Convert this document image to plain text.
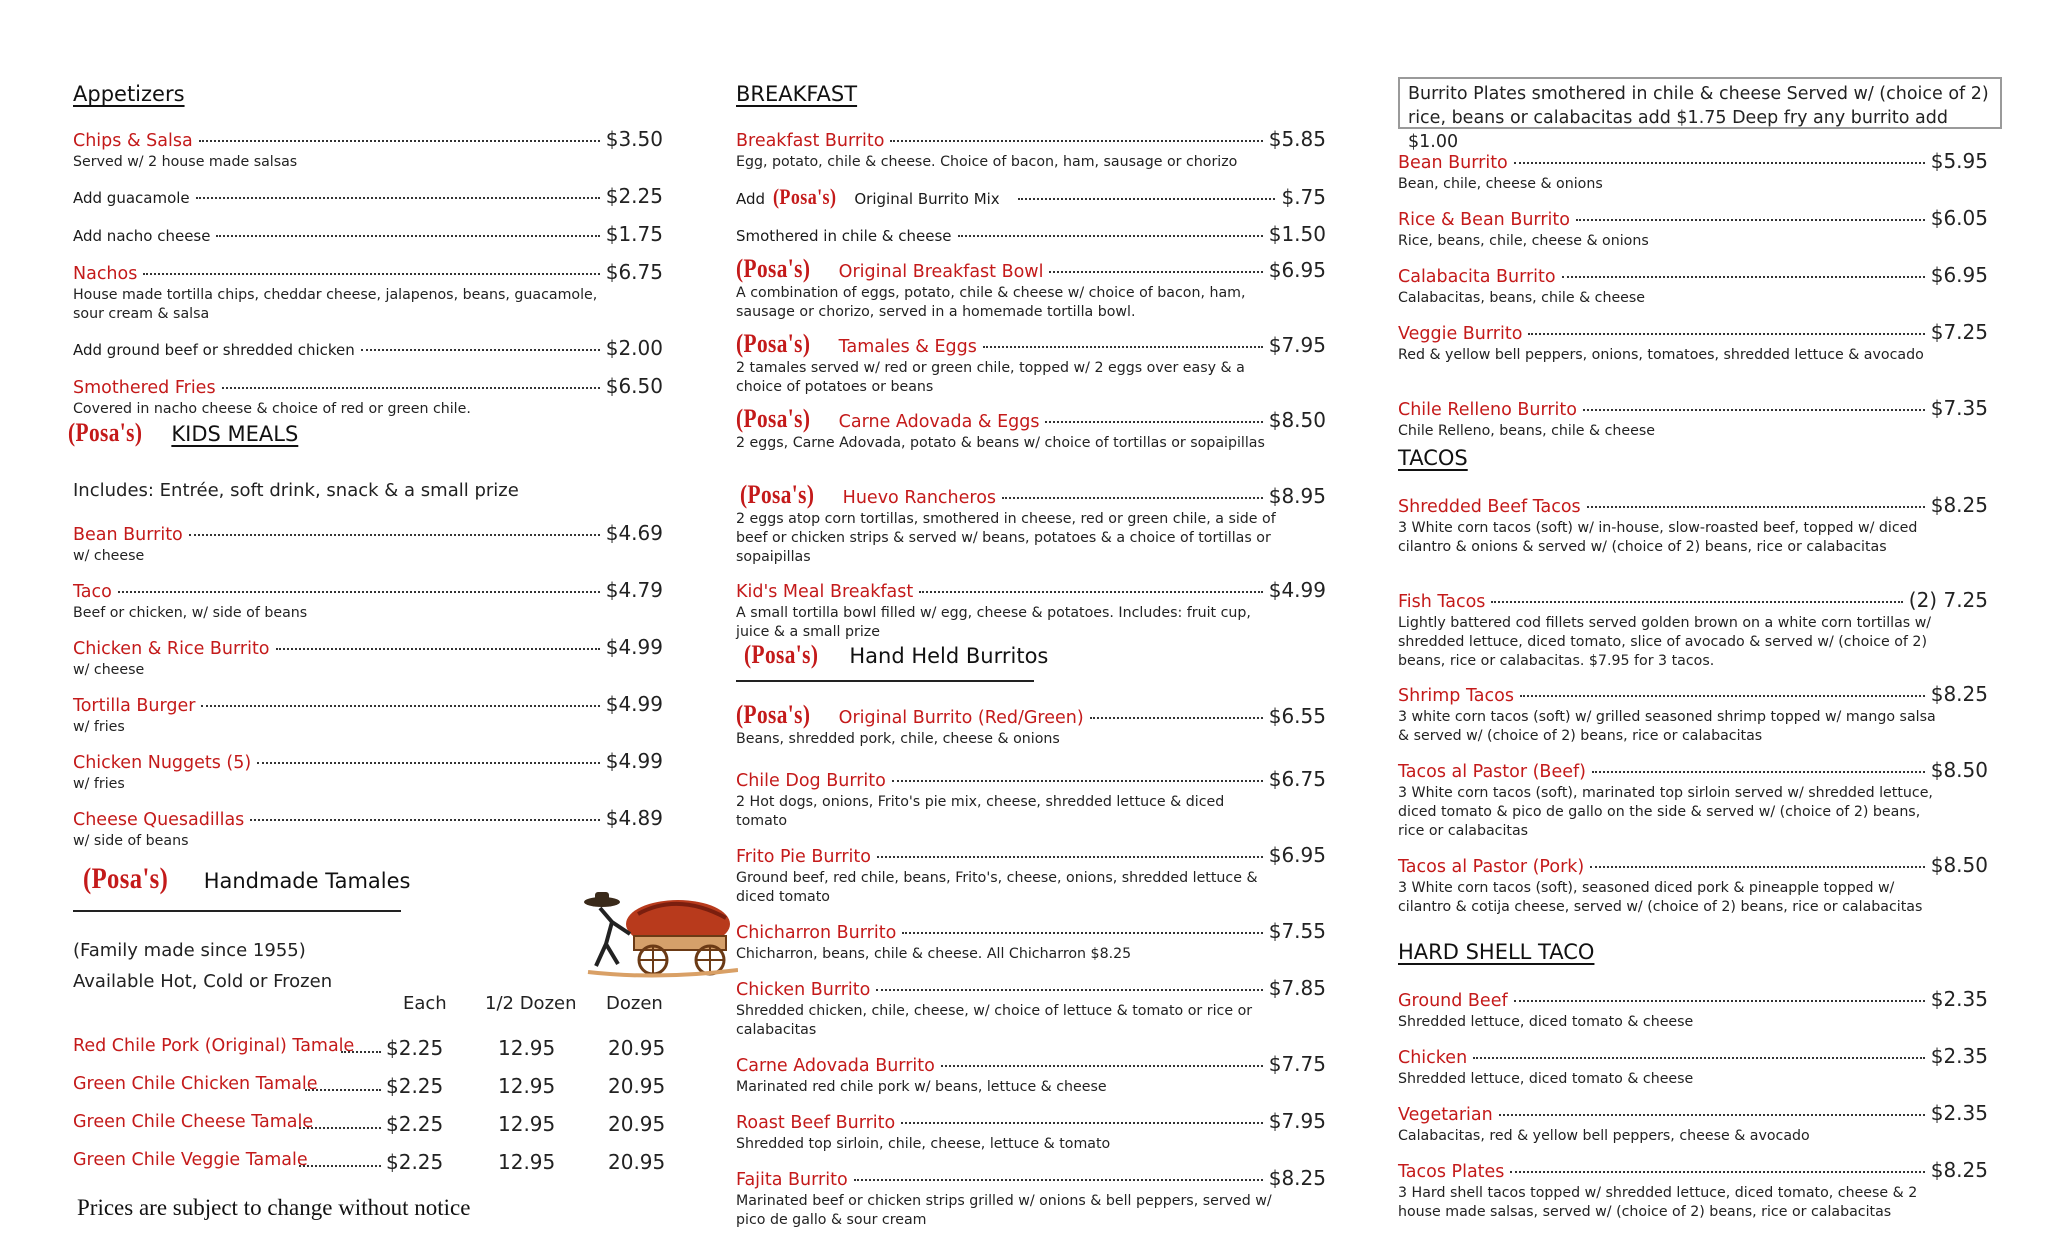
Appetizers
Chips & Salsa	$3.50
Served w/ 2 house made salsas
Add guacamole	$2.25
Add nacho cheese	$1.75
Nachos	$6.75
House made tortilla chips, cheddar cheese, jalapenos, beans, guacamole, sour cream & salsa
Add ground beef or shredded chicken	$2.00
Smothered Fries	$6.50
Covered in nacho cheese & choice of red or green chile.
(Posa's) KIDS MEALS
Includes: Entrée, soft drink, snack & a small prize
Bean Burrito	$4.69
w/ cheese
Taco	$4.79
Beef or chicken, w/ side of beans
Chicken & Rice Burrito	$4.99
w/ cheese
Tortilla Burger	$4.99
w/ fries
Chicken Nuggets (5)	$4.99
w/ fries
Cheese Quesadillas	$4.89
w/ side of beans
(Posa's) Handmade Tamales
(Family made since 1955)
Available Hot, Cold or Frozen
Each 1/2 Dozen Dozen
Red Chile Pork (Original) Tamale $2.25	12.95	20.95
Green Chile Chicken Tamale	$2.25	12.95	20.95
Green Chile Cheese Tamale	$2.25	12.95	20.95
Green Chile Veggie Tamale	$2.25	12.95	20.95
Prices are subject to change without notice
BREAKFAST
Breakfast Burrito	$5.85
Egg, potato, chile & cheese. Choice of bacon, ham, sausage or chorizo
Add (Posa's) Original Burrito Mix	$.75
Smothered in chile & cheese	$1.50
(Posa's) Original Breakfast Bowl	$6.95
A combination of eggs, potato, chile & cheese w/ choice of bacon, ham, sausage or chorizo, served in a homemade tortilla bowl.
(Posa's) Tamales & Eggs	$7.95
2 tamales served w/ red or green chile, topped w/ 2 eggs over easy & a choice of potatoes or beans
(Posa's) Carne Adovada & Eggs	$8.50
2 eggs, Carne Adovada, potato & beans w/ choice of tortillas or sopaipillas
(Posa's) Huevo Rancheros	$8.95
2 eggs atop corn tortillas, smothered in cheese, red or green chile, a side of beef or chicken strips & served w/ beans, potatoes & a choice of tortillas or sopaipillas
Kid's Meal Breakfast	$4.99
A small tortilla bowl filled w/ egg, cheese & potatoes. Includes: fruit cup, juice & a small prize
(Posa's) Hand Held Burritos
(Posa's) Original Burrito (Red/Green)	$6.55
Beans, shredded pork, chile, cheese & onions
Chile Dog Burrito	$6.75
2 Hot dogs, onions, Frito's pie mix, cheese, shredded lettuce & diced tomato
Frito Pie Burrito	$6.95
Ground beef, red chile, beans, Frito's, cheese, onions, shredded lettuce & diced tomato
Chicharron Burrito	$7.55
Chicharron, beans, chile & cheese. All Chicharron $8.25
Chicken Burrito	$7.85
Shredded chicken, chile, cheese, w/ choice of lettuce & tomato or rice or calabacitas
Carne Adovada Burrito	$7.75
Marinated red chile pork w/ beans, lettuce & cheese
Roast Beef Burrito	$7.95
Shredded top sirloin, chile, cheese, lettuce & tomato
Fajita Burrito	$8.25
Marinated beef or chicken strips grilled w/ onions & bell peppers, served w/ pico de gallo & sour cream
Burrito Plates smothered in chile & cheese Served w/ (choice of 2) rice, beans or calabacitas add $1.75 Deep fry any burrito add $1.00
Bean Burrito	$5.95
Bean, chile, cheese & onions
Rice & Bean Burrito	$6.05
Rice, beans, chile, cheese & onions
Calabacita Burrito	$6.95
Calabacitas, beans, chile & cheese
Veggie Burrito	$7.25
Red & yellow bell peppers, onions, tomatoes, shredded lettuce & avocado
Chile Relleno Burrito	$7.35
Chile Relleno, beans, chile & cheese
TACOS
Shredded Beef Tacos	$8.25
3 White corn tacos (soft) w/ in-house, slow-roasted beef, topped w/ diced cilantro & onions & served w/ (choice of 2) beans, rice or calabacitas
Fish Tacos	(2) 7.25
Lightly battered cod fillets served golden brown on a white corn tortillas w/ shredded lettuce, diced tomato, slice of avocado & served w/ (choice of 2) beans, rice or calabacitas. $7.95 for 3 tacos.
Shrimp Tacos	$8.25
3 white corn tacos (soft) w/ grilled seasoned shrimp topped w/ mango salsa & served w/ (choice of 2) beans, rice or calabacitas
Tacos al Pastor (Beef)	$8.50
3 White corn tacos (soft), marinated top sirloin served w/ shredded lettuce, diced tomato & pico de gallo on the side & served w/ (choice of 2) beans, rice or calabacitas
Tacos al Pastor (Pork)	$8.50
3 White corn tacos (soft), seasoned diced pork & pineapple topped w/ cilantro & cotija cheese, served w/ (choice of 2) beans, rice or calabacitas
HARD SHELL TACO
Ground Beef	$2.35
Shredded lettuce, diced tomato & cheese
Chicken	$2.35
Shredded lettuce, diced tomato & cheese
Vegetarian	$2.35
Calabacitas, red & yellow bell peppers, cheese & avocado
Tacos Plates	$8.25
3 Hard shell tacos topped w/ shredded lettuce, diced tomato, cheese & 2 house made salsas, served w/ (choice of 2) beans, rice or calabacitas
